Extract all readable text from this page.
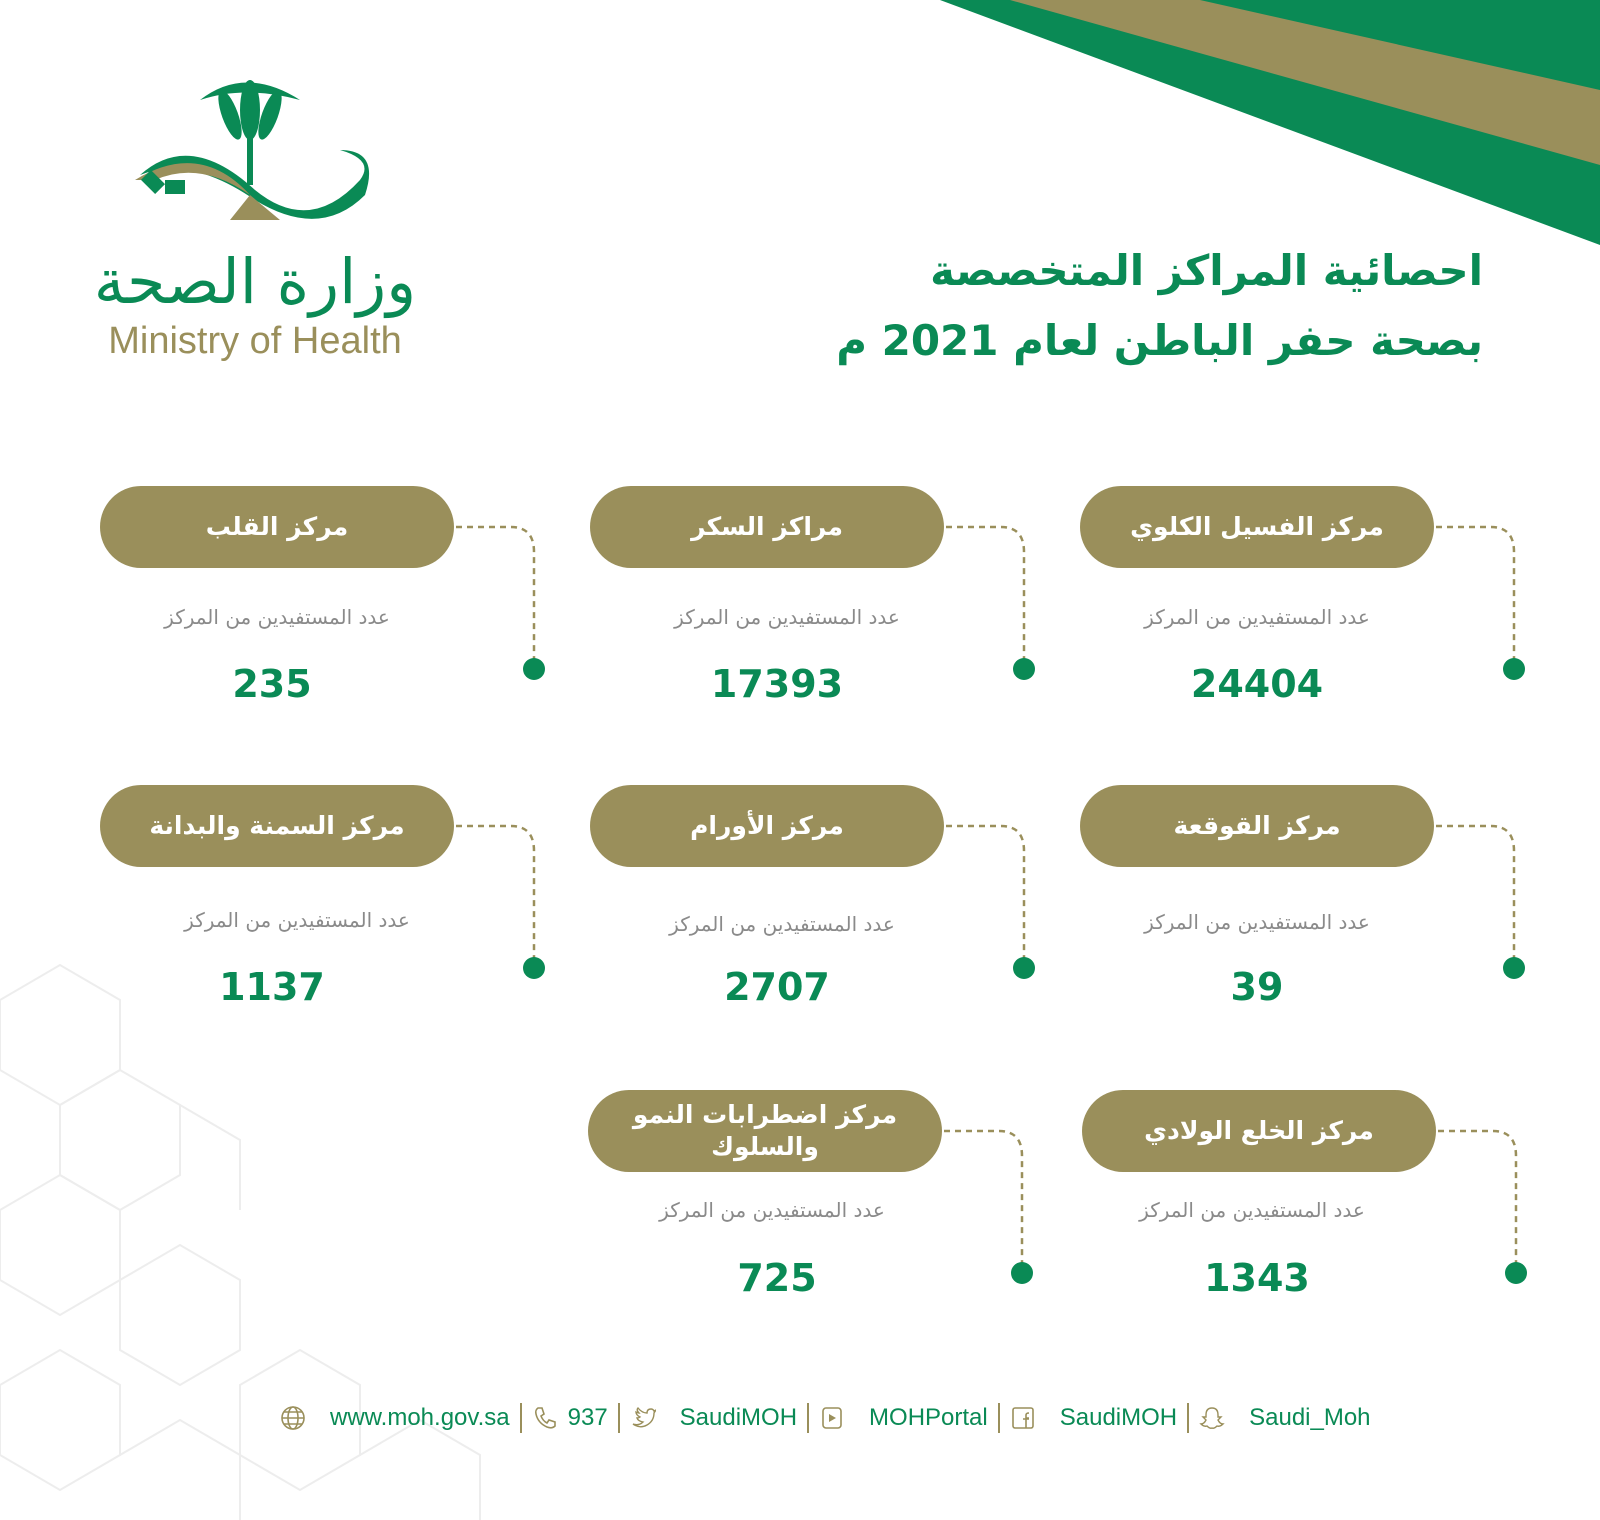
وزارة الصحة
Ministry of Health
احصائية المراكز المتخصصة
بصحة حفر الباطن لعام 2021 م
مركز الفسيل الكلوي
عدد المستفيدين من المركز
24404
مراكز السكر
عدد المستفيدين من المركز
17393
مركز القلب
عدد المستفيدين من المركز
235
مركز القوقعة
عدد المستفيدين من المركز
39
مركز الأورام
عدد المستفيدين من المركز
2707
مركز السمنة والبدانة
عدد المستفيدين من المركز
1137
مركز الخلع الولادي
عدد المستفيدين من المركز
1343
مركز اضطرابات النمو والسلوك
عدد المستفيدين من المركز
725
www.moh.gov.sa 937	SaudiMOH	MOHPortal	SaudiMOH	Saudi_Moh
